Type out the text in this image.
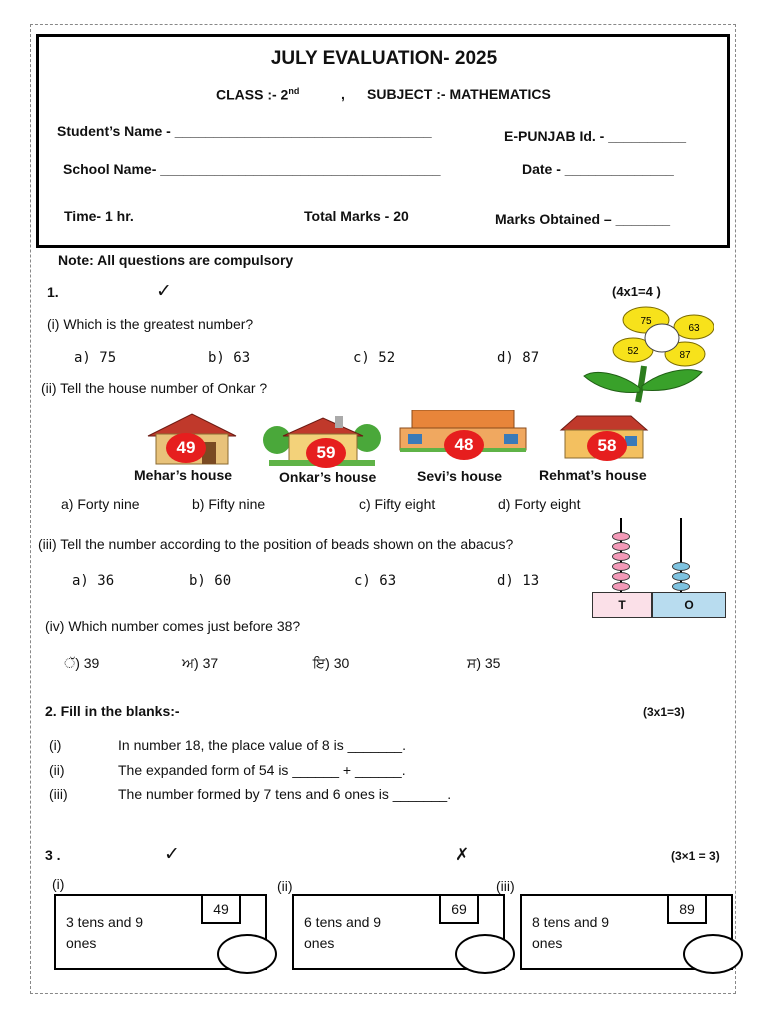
JULY EVALUATION- 2025
CLASS :- 2nd	, SUBJECT :- MATHEMATICS
Student’s Name - _________________________________	E-PUNJAB Id. - __________
School Name- ____________________________________	Date - ______________
Time- 1 hr.	Total Marks - 20	Marks Obtained – _______
Note: All questions are compulsory
1.	✓	(4x1=4 )
(i) Which is the greatest number?
a) 75	b) 63	c) 52	d) 87
75
63
52	87
(ii) Tell the house number of Onkar ?
49
Mehar’s house
59
Onkar’s house
48
Sevi’s house
58
Rehmat’s house
a) Forty nine	b) Fifty nine	c) Fifty eight	d) Forty eight
(iii) Tell the number according to the position of beads shown on the abacus?
a) 36	b) 60	c) 63	d) 13
T	O
(iv) Which number comes just before 38?
ੱ) 39	ਅ) 37	ਇ) 30	ਸ) 35
2. Fill in the blanks:-	(3x1=3)
(i)	In number 18, the place value of 8 is _______.
(ii)	The expanded form of 54 is ______ + ______.
(iii)	The number formed by 7 tens and 6 ones is _______.
3 .	✓	✗	(3×1 = 3)
(i)
49
3 tens and 9 ones
(ii)
69
6 tens and 9 ones
(iii)
89
8 tens and 9 ones
